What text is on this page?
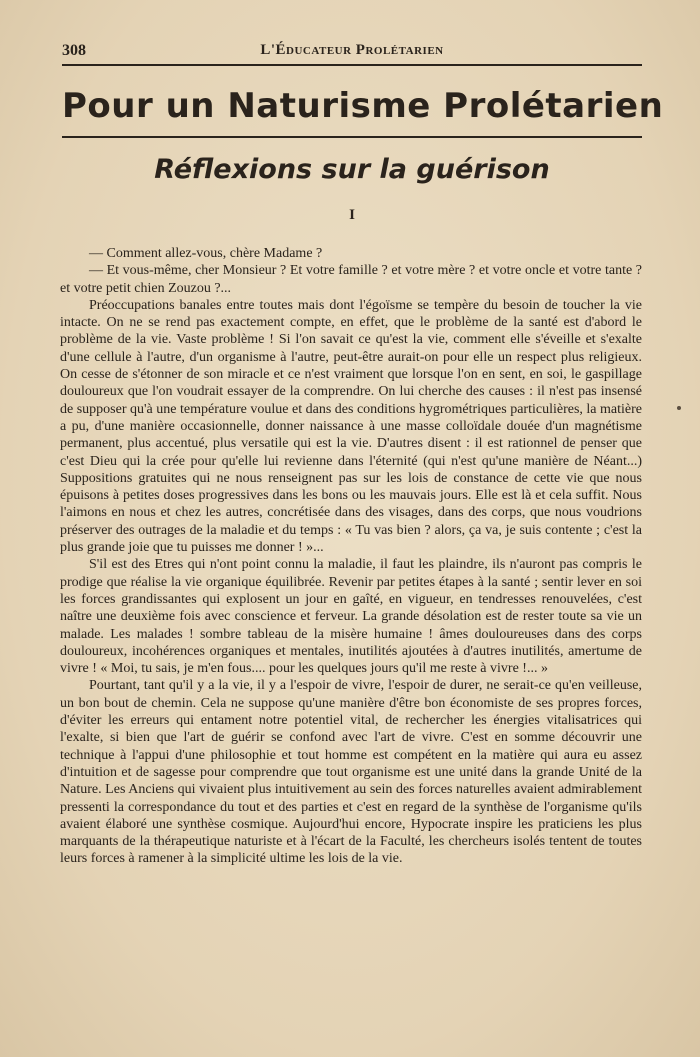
308	L'Éducateur Prolétarien
Pour un Naturisme Prolétarien
Réflexions sur la guérison
I

— Comment allez-vous, chère Madame ?

— Et vous-même, cher Monsieur ? Et votre famille ? et votre mère ? et votre oncle et votre tante ? et votre petit chien Zouzou ?...

Préoccupations banales entre toutes mais dont l'égoïsme se tempère du besoin de toucher la vie intacte. On ne se rend pas exactement compte, en effet, que le problème de la santé est d'abord le problème de la vie. Vaste problème ! Si l'on savait ce qu'est la vie, comment elle s'éveille et s'exalte d'une cellule à l'autre, d'un organisme à l'autre, peut-être aurait-on pour elle un respect plus religieux. On cesse de s'étonner de son miracle et ce n'est vraiment que lorsque l'on en sent, en soi, le gaspillage douloureux que l'on voudrait essayer de la comprendre. On lui cherche des causes : il n'est pas insensé de supposer qu'à une température voulue et dans des conditions hygrométriques particulières, la matière a pu, d'une manière occasionnelle, donner naissance à une masse colloïdale douée d'un magnétisme permanent, plus accentué, plus versatile qui est la vie. D'autres disent : il est rationnel de penser que c'est Dieu qui la crée pour qu'elle lui revienne dans l'éternité (qui n'est qu'une manière de Néant...) Suppositions gratuites qui ne nous renseignent pas sur les lois de constance de cette vie que nous épuisons à petites doses progressives dans les bons ou les mauvais jours. Elle est là et cela suffit. Nous l'aimons en nous et chez les autres, concrétisée dans des visages, dans des corps, que nous voudrions préserver des outrages de la maladie et du temps : « Tu vas bien ? alors, ça va, je suis contente ; c'est la plus grande joie que tu puisses me donner ! »...

S'il est des Etres qui n'ont point connu la maladie, il faut les plaindre, ils n'auront pas compris le prodige que réalise la vie organique équilibrée. Revenir par petites étapes à la santé ; sentir lever en soi les forces grandissantes qui explosent un jour en gaîté, en vigueur, en tendresses renouvelées, c'est naître une deuxième fois avec conscience et ferveur. La grande désolation est de rester toute sa vie un malade. Les malades ! sombre tableau de la misère humaine ! âmes douloureuses dans des corps douloureux, incohérences organiques et mentales, inutilités ajoutées à d'autres inutilités, amertume de vivre ! « Moi, tu sais, je m'en fous.... pour les quelques jours qu'il me reste à vivre !... »

Pourtant, tant qu'il y a la vie, il y a l'espoir de vivre, l'espoir de durer, ne serait-ce qu'en veilleuse, un bon bout de chemin. Cela ne suppose qu'une manière d'être bon économiste de ses propres forces, d'éviter les erreurs qui entament notre potentiel vital, de rechercher les énergies vitalisatrices qui l'exalte, si bien que l'art de guérir se confond avec l'art de vivre. C'est en somme découvrir une technique à l'appui d'une philosophie et tout homme est compétent en la matière qui aura eu assez d'intuition et de sagesse pour comprendre que tout organisme est une unité dans la grande Unité de la Nature. Les Anciens qui vivaient plus intuitivement au sein des forces naturelles avaient admirablement pressenti la correspondance du tout et des parties et c'est en regard de la synthèse de l'organisme qu'ils avaient élaboré une synthèse cosmique. Aujourd'hui encore, Hypocrate inspire les praticiens les plus marquants de la thérapeutique naturiste et à l'écart de la Faculté, les chercheurs isolés tentent de toutes leurs forces à ramener à la simplicité ultime les lois de la vie.
